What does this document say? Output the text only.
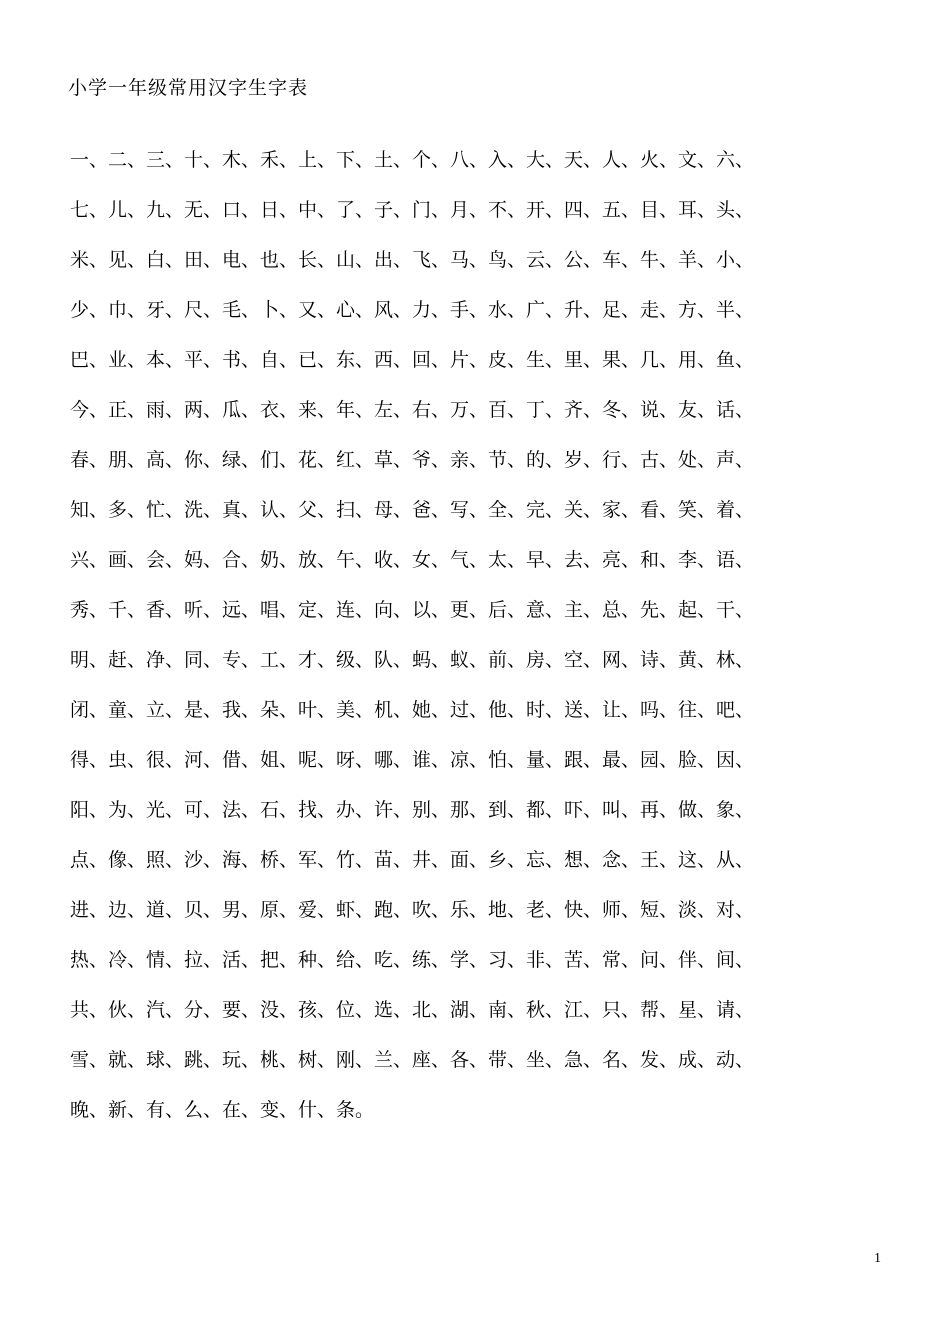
小学一年级常用汉字生字表
一、二、三、十、木、禾、上、下、土、个、八、入、大、天、人、火、文、六、
七、儿、九、无、口、日、中、了、子、门、月、不、开、四、五、目、耳、头、
米、见、白、田、电、也、长、山、出、飞、马、鸟、云、公、车、牛、羊、小、
少、巾、牙、尺、毛、卜、又、心、风、力、手、水、广、升、足、走、方、半、
巴、业、本、平、书、自、已、东、西、回、片、皮、生、里、果、几、用、鱼、
今、正、雨、两、瓜、衣、来、年、左、右、万、百、丁、齐、冬、说、友、话、
春、朋、高、你、绿、们、花、红、草、爷、亲、节、的、岁、行、古、处、声、
知、多、忙、洗、真、认、父、扫、母、爸、写、全、完、关、家、看、笑、着、
兴、画、会、妈、合、奶、放、午、收、女、气、太、早、去、亮、和、李、语、
秀、千、香、听、远、唱、定、连、向、以、更、后、意、主、总、先、起、干、
明、赶、净、同、专、工、才、级、队、蚂、蚁、前、房、空、网、诗、黄、林、
闭、童、立、是、我、朵、叶、美、机、她、过、他、时、送、让、吗、往、吧、
得、虫、很、河、借、姐、呢、呀、哪、谁、凉、怕、量、跟、最、园、脸、因、
阳、为、光、可、法、石、找、办、许、别、那、到、都、吓、叫、再、做、象、
点、像、照、沙、海、桥、军、竹、苗、井、面、乡、忘、想、念、王、这、从、
进、边、道、贝、男、原、爱、虾、跑、吹、乐、地、老、快、师、短、淡、对、
热、冷、情、拉、活、把、种、给、吃、练、学、习、非、苦、常、问、伴、间、
共、伙、汽、分、要、没、孩、位、选、北、湖、南、秋、江、只、帮、星、请、
雪、就、球、跳、玩、桃、树、刚、兰、座、各、带、坐、急、名、发、成、动、
晚、新、有、么、在、变、什、条。
1
